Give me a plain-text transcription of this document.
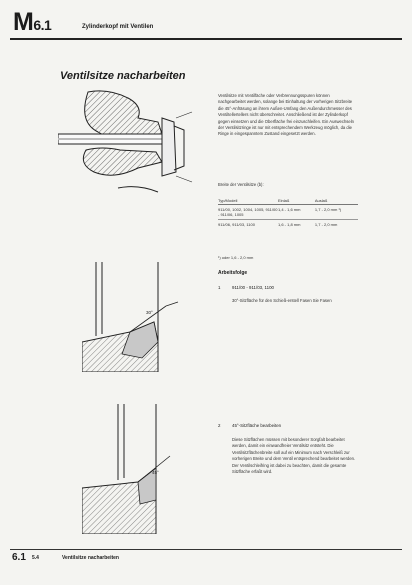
M6.1	Zylinderkopf mit Ventilen
Ventilsitze nacharbeiten
Ventilsitze mit Ventilfäche oder Verbrennungsspuren können nachgearbeitet werden, solange bei Einhaltung der vorherigen Sitzbreite die 45°-Anfräsung an ihrem Außen-Umfang den Außendurchmesser des Ventiltellertellers nicht überschreitet. Anschließend ist der Zylinderkopf gegen einsetzen und die Oberfläche frei einzuschleifen. Ein Auswechseln der Ventilsitzringe ist nur mit entsprechendem Werkzeug möglich, da die Ringe in eingespanntem Zustand eingesetzt werden.
Breite der Ventilsitze (b):
Typ/Modell	Einlaß	Auslaß
911/00, 1002, 1004, 1005, 911/00 - 911/06, 1005	1,4 - 1,6 mm	1,7 - 2,0 mm ¹)
911/06, 911/03, 1100	1,6 - 1,8 mm	1,7 - 2,0 mm
¹) oder 1,6 - 2,0 mm
Arbeitsfolge
1	911/00 - 911/03, 1100
30°-Sitzfläche für den Schieß-erstell Fasen Sie Fasen
30°
2	45°-Sitzfläche bearbeiten
Diese Sitzflächen müssen mit besonderer Sorgfalt bearbeitet werden, damit ein einwandfreier Ventilsitz entsteht. Die Ventilsitzflächenbreite soll auf ein Minimum nach Verschleiß zur vorherigen Breite und dem Ventil entsprechend bearbeitet werden. Der Ventilschleifring ist dabei zu beachten, damit die gesamte Sitzfläche erfaßt wird.
45°
6.1 5.4	Ventilsitze nacharbeiten
